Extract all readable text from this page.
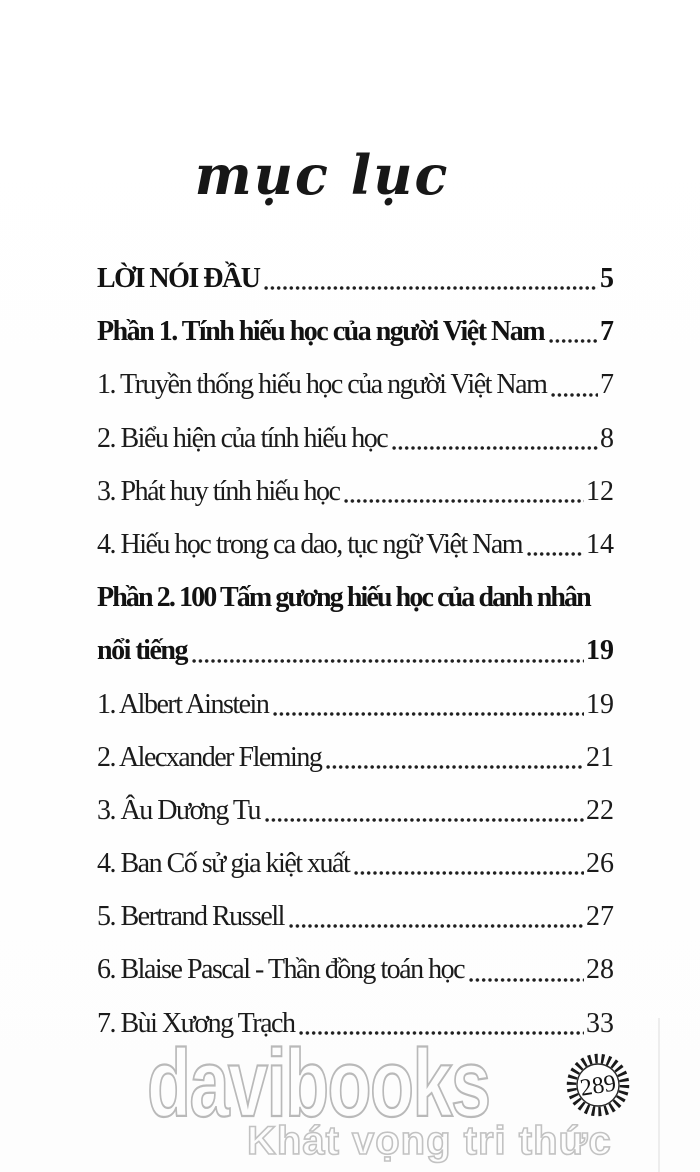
mục lục
LỜI NÓI ĐẦU	5
Phần 1. Tính hiếu học của người Việt Nam 7
1. Truyền thống hiếu học của người Việt Nam 7
2. Biểu hiện của tính hiếu học	8
3. Phát huy tính hiếu học	12
4. Hiếu học trong ca dao, tục ngữ Việt Nam 14
Phần 2. 100 Tấm gương hiếu học của danh nhân
nổi tiếng	19
1. Albert Ainstein	19
2. Alecxander Fleming	21
3. Âu Dương Tu	22
4. Ban Cố sử gia kiệt xuất	26
5. Bertrand Russell	27
6. Blaise Pascal - Thần đồng toán học	28
7. Bùi Xương Trạch	33
davibooks
Khát vọng tri thức
289
